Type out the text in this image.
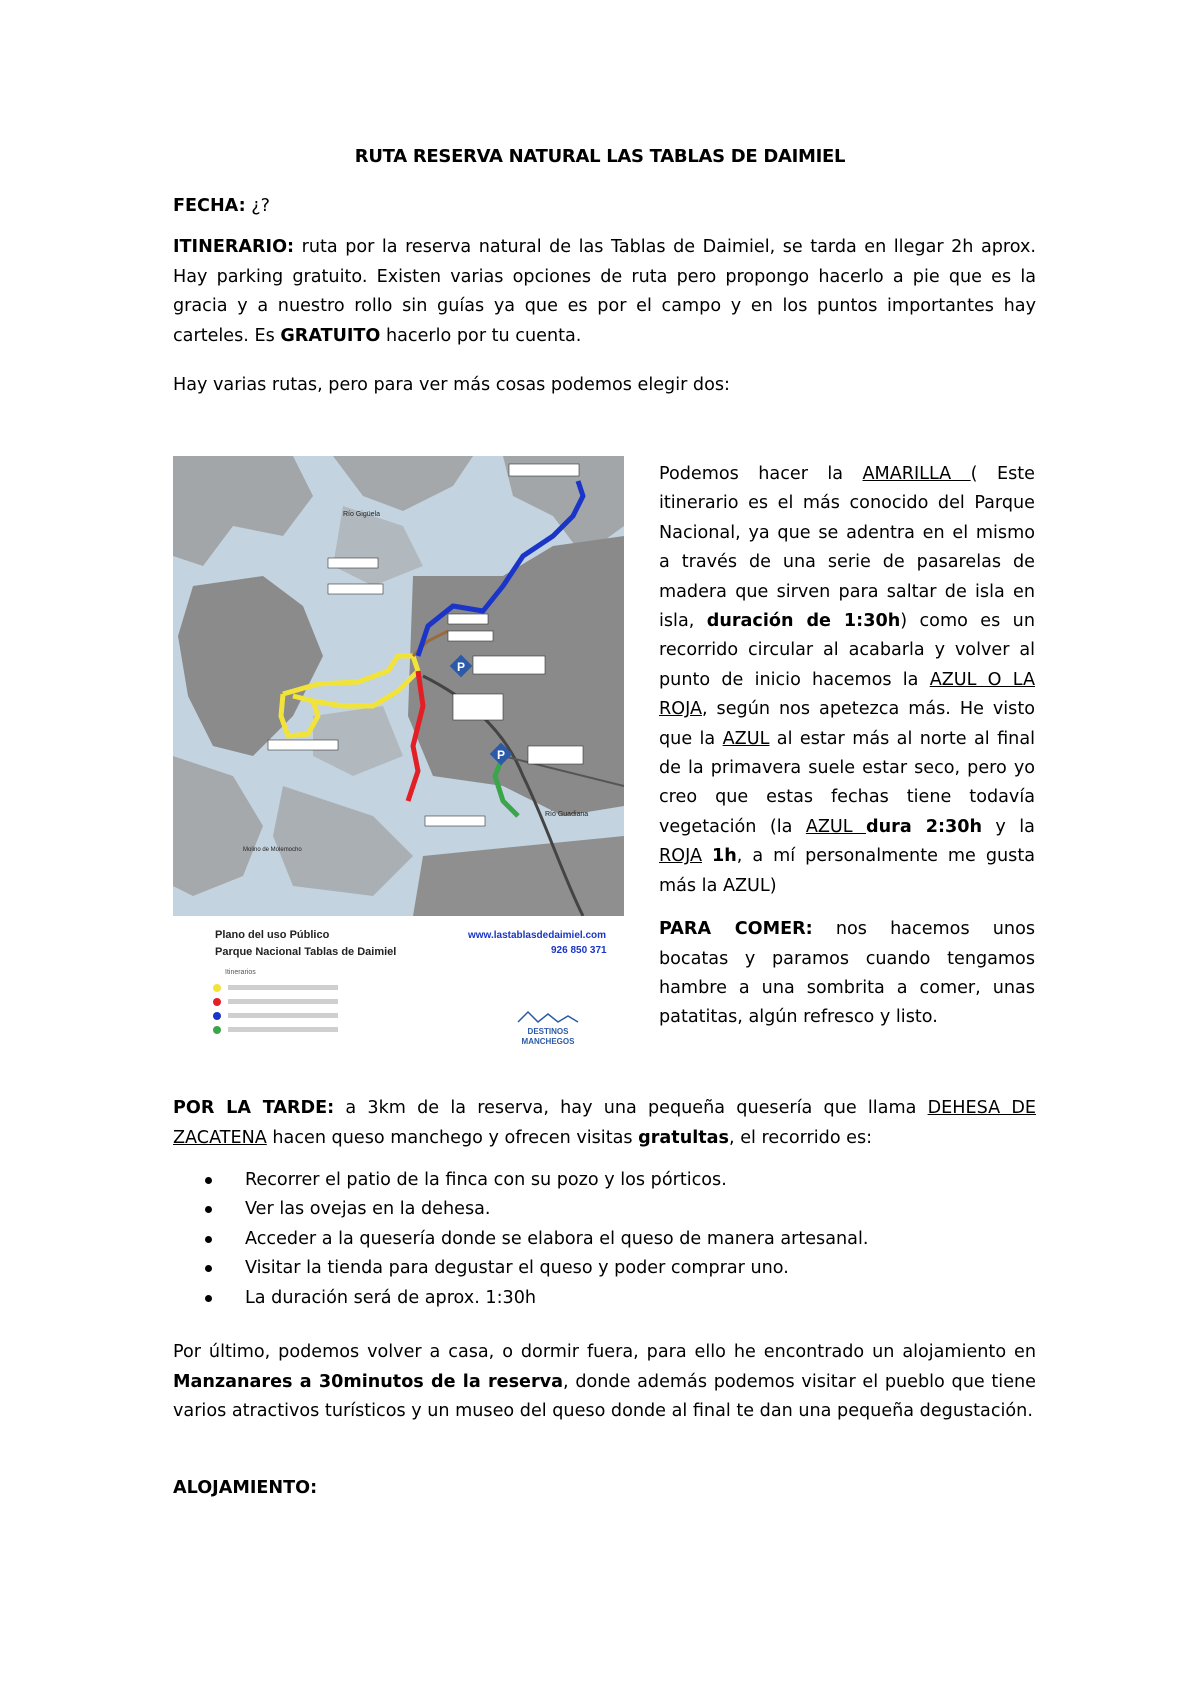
RUTA RESERVA NATURAL LAS TABLAS DE DAIMIEL
FECHA: ¿?
ITINERARIO: ruta por la reserva natural de las Tablas de Daimiel, se tarda en llegar 2h aprox. Hay parking gratuito. Existen varias opciones de ruta pero propongo hacerlo a pie que es la gracia y a nuestro rollo sin guías ya que es por el campo y en los puntos importantes hay carteles. Es GRATUITO hacerlo por tu cuenta.
Hay varias rutas, pero para ver más cosas podemos elegir dos:
P
P
Río Gigüela
Río Guadiana
Molino de Molemocho
Plano del uso Público
Parque Nacional Tablas de Daimiel
www.lastablasdedaimiel.com
926 850 371
Itinerarios
DESTINOS
MANCHEGOS

Podemos hacer la AMARILLA ( Este itinerario es el más conocido del Parque Nacional, ya que se adentra en el mismo a través de una serie de pasarelas de madera que sirven para saltar de isla en isla, duración de 1:30h) como es un recorrido circular al acabarla y volver al punto de inicio hacemos la AZUL O LA ROJA, según nos apetezca más. He visto que la AZUL al estar más al norte al final de la primavera suele estar seco, pero yo creo que estas fechas tiene todavía vegetación (la AZUL dura 2:30h y la ROJA 1h, a mí personalmente me gusta más la AZUL)

PARA COMER: nos hacemos unos bocatas y paramos cuando tengamos hambre a una sombrita a comer, unas patatitas, algún refresco y listo.

POR LA TARDE: a 3km de la reserva, hay una pequeña quesería que llama DEHESA DE ZACATENA hacen queso manchego y ofrecen visitas gratultas, el recorrido es:
Recorrer el patio de la finca con su pozo y los pórticos.
Ver las ovejas en la dehesa.
Acceder a la quesería donde se elabora el queso de manera artesanal.
Visitar la tienda para degustar el queso y poder comprar uno.
La duración será de aprox. 1:30h
Por último, podemos volver a casa, o dormir fuera, para ello he encontrado un alojamiento en Manzanares a 30minutos de la reserva, donde además podemos visitar el pueblo que tiene varios atractivos turísticos y un museo del queso donde al final te dan una pequeña degustación.
ALOJAMIENTO:
